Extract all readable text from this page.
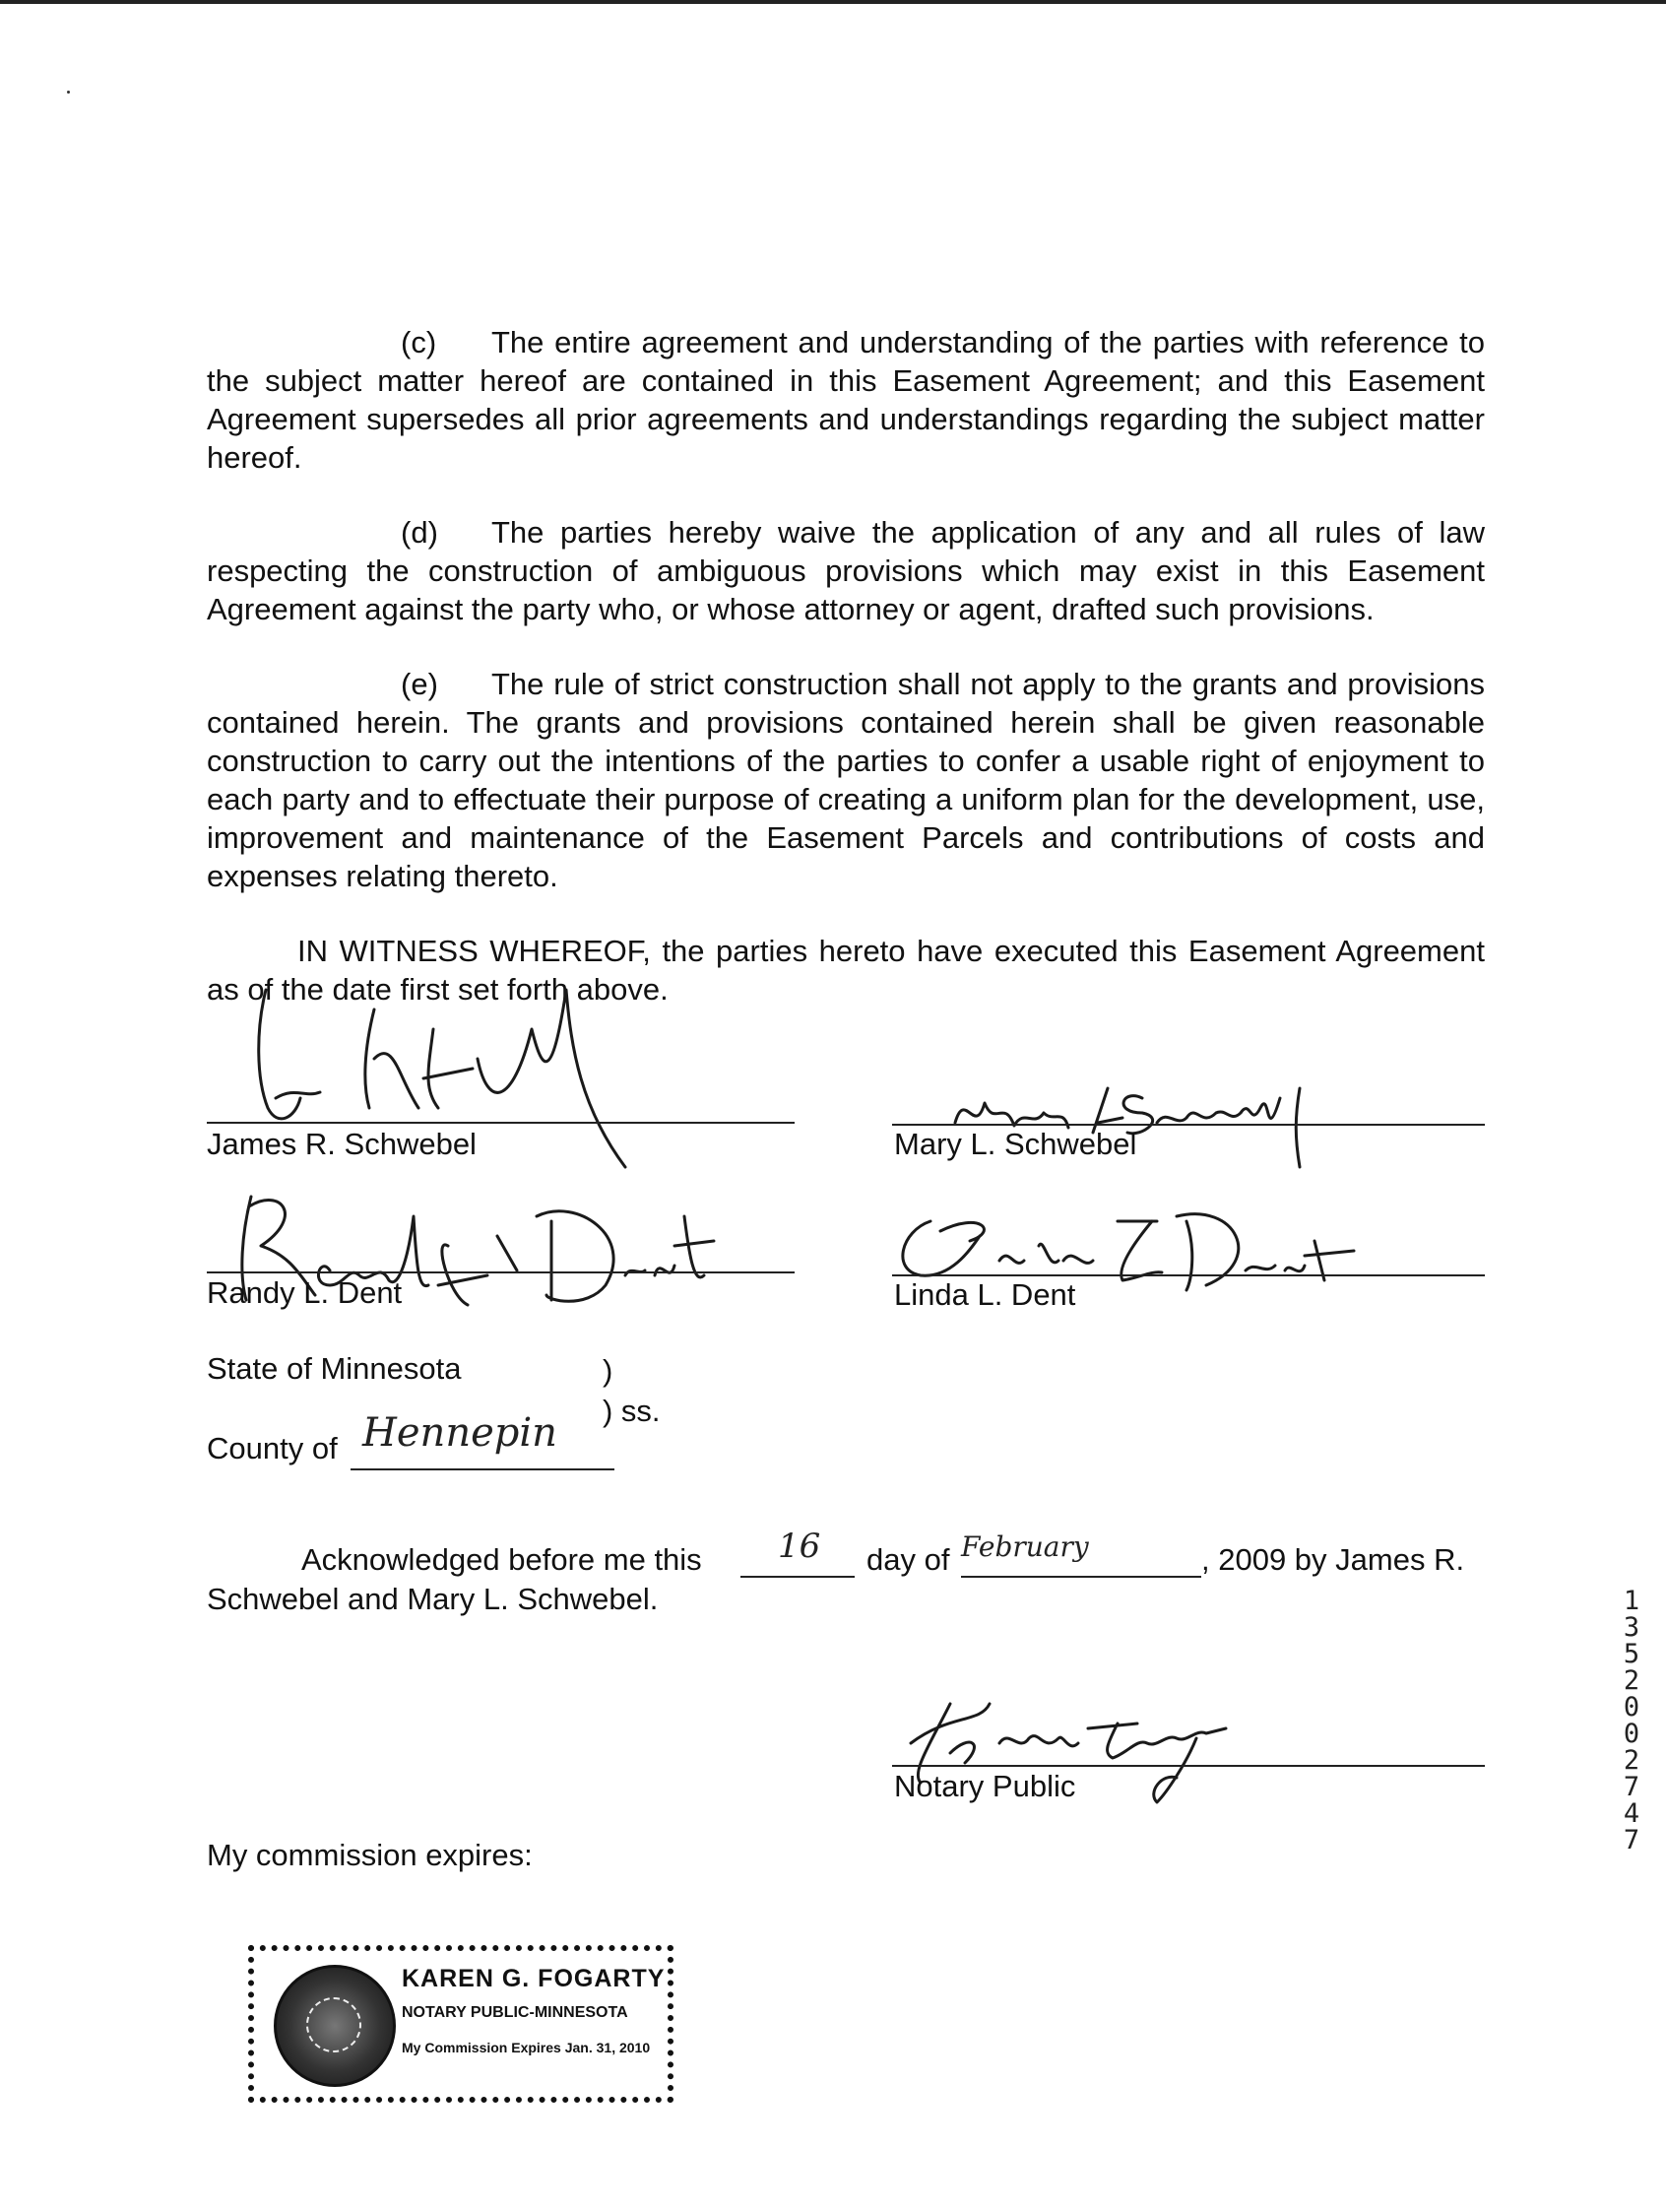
(c) The entire agreement and understanding of the parties with reference to the subject matter hereof are contained in this Easement Agreement; and this Easement Agreement supersedes all prior agreements and understandings regarding the subject matter hereof.

(d) The parties hereby waive the application of any and all rules of law respecting the construction of ambiguous provisions which may exist in this Easement Agreement against the party who, or whose attorney or agent, drafted such provisions.

(e) The rule of strict construction shall not apply to the grants and provisions contained herein. The grants and provisions contained herein shall be given reasonable construction to carry out the intentions of the parties to confer a usable right of enjoyment to each party and to effectuate their purpose of creating a uniform plan for the development, use, improvement and maintenance of the Easement Parcels and contributions of costs and expenses relating thereto.

IN WITNESS WHEREOF, the parties hereto have executed this Easement Agreement as of the date first set forth above.

James R. Schwebel	Mary L. Schwebel
Randy L. Dent	Linda L. Dent
State of Minnesota	)
) ss.
County of Hennepin
Acknowledged before me this 16 day of February	, 2009 by James R.
Schwebel and Mary L. Schwebel.	13520 02747
Notary Public
My commission expires:
KAREN G. FOGARTY
NOTARY PUBLIC-MINNESOTA
My Commission Expires Jan. 31, 2010
